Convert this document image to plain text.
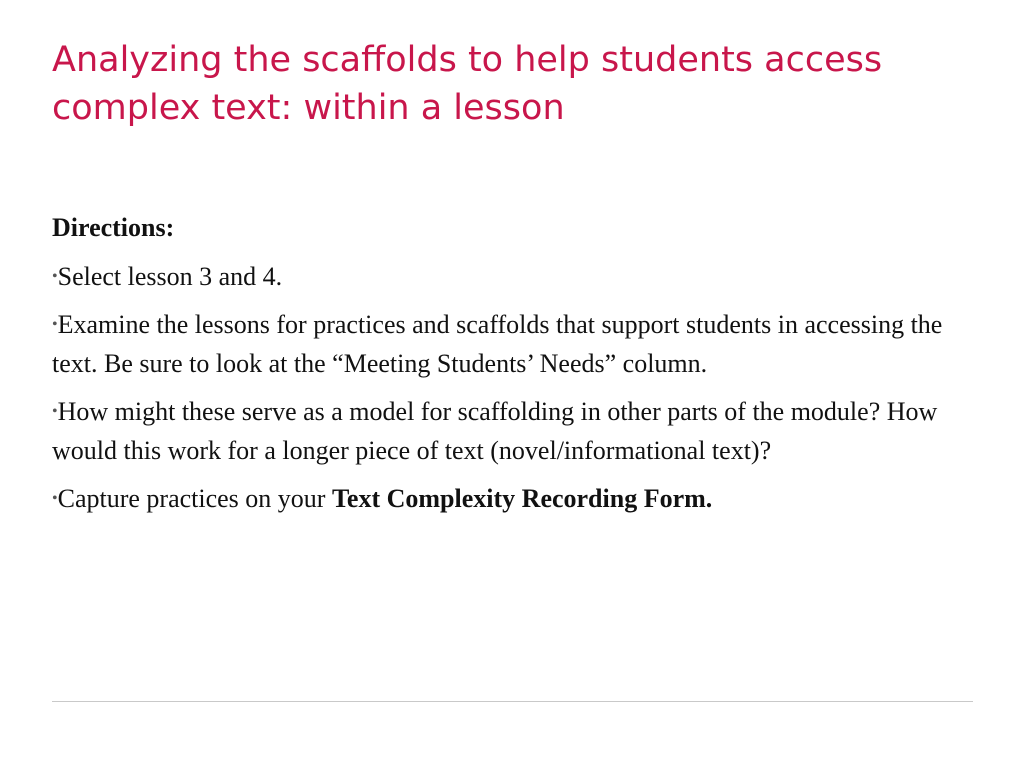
Analyzing the scaffolds to help students access complex text: within a lesson
Directions:
•Select lesson 3 and 4.
•Examine the lessons for practices and scaffolds that support students in accessing the text. Be sure to look at the “Meeting Students’ Needs” column.
•How might these serve as a model for scaffolding in other parts of the module? How would this work for a longer piece of text (novel/informational text)?
•Capture practices on your Text Complexity Recording Form.
